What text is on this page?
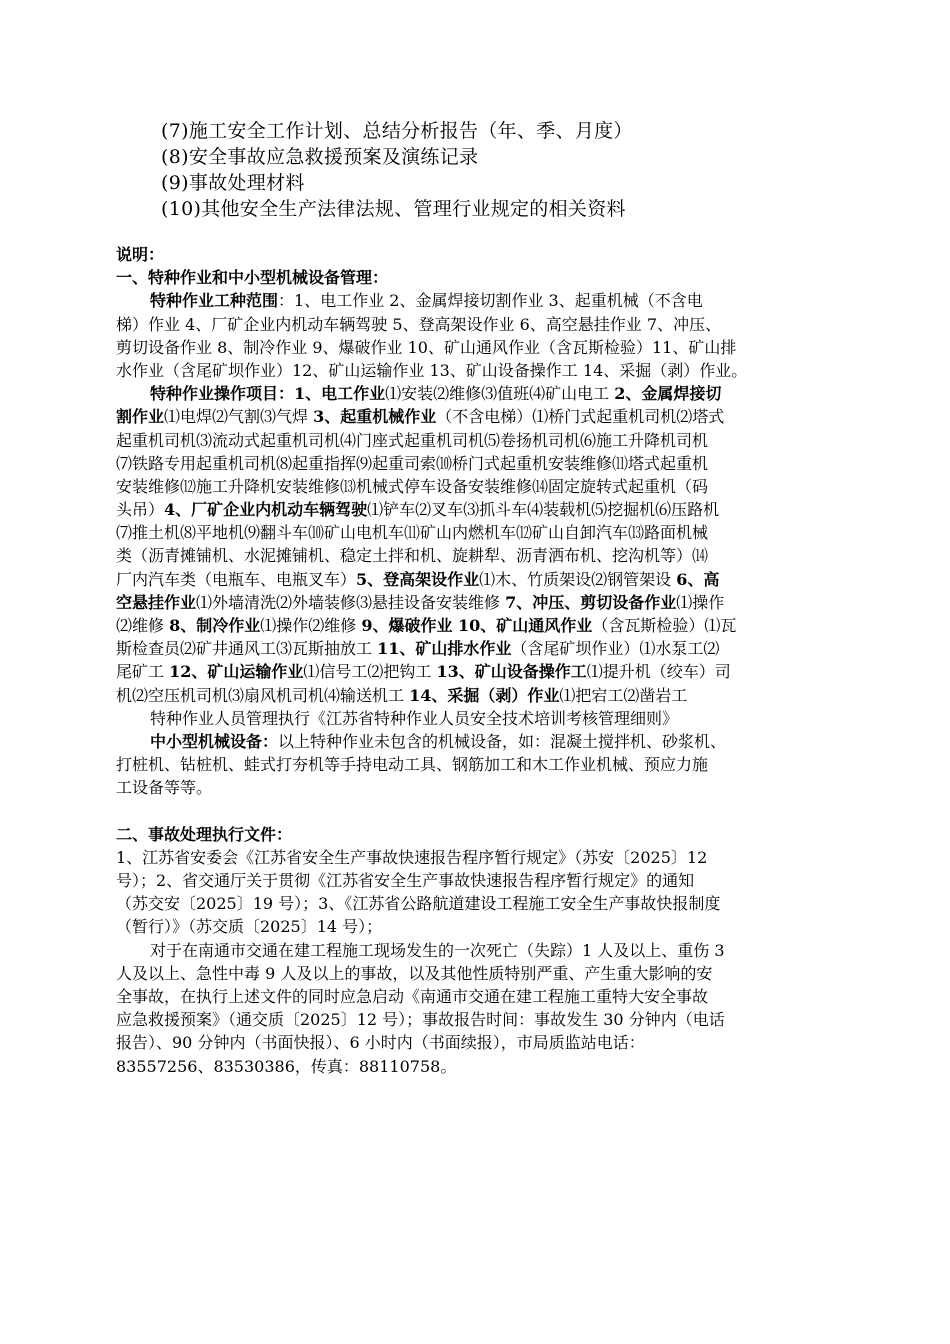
(7)施工安全工作计划、总结分析报告（年、季、月度）
(8)安全事故应急救援预案及演练记录
(9)事故处理材料
(10)其他安全生产法律法规、管理行业规定的相关资料
说明：
一、特种作业和中小型机械设备管理：
特种作业工种范围：1、电工作业 2、金属焊接切割作业 3、起重机械（不含电
梯）作业 4、厂矿企业内机动车辆驾驶 5、登高架设作业 6、高空悬挂作业 7、冲压、
剪切设备作业 8、制冷作业 9、爆破作业 10、矿山通风作业（含瓦斯检验）11、矿山排
水作业（含尾矿坝作业）12、矿山运输作业 13、矿山设备操作工 14、采掘（剥）作业。
特种作业操作项目：1、电工作业⑴安装⑵维修⑶值班⑷矿山电工 2、金属焊接切
割作业⑴电焊⑵气割⑶气焊 3、起重机械作业（不含电梯）⑴桥门式起重机司机⑵塔式
起重机司机⑶流动式起重机司机⑷门座式起重机司机⑸卷扬机司机⑹施工升降机司机
⑺铁路专用起重机司机⑻起重指挥⑼起重司索⑽桥门式起重机安装维修⑾塔式起重机
安装维修⑿施工升降机安装维修⒀机械式停车设备安装维修⒁固定旋转式起重机（码
头吊）4、厂矿企业内机动车辆驾驶⑴铲车⑵叉车⑶抓斗车⑷装载机⑸挖掘机⑹压路机
⑺推土机⑻平地机⑼翻斗车⑽矿山电机车⑾矿山内燃机车⑿矿山自卸汽车⒀路面机械
类（沥青摊铺机、水泥摊铺机、稳定土拌和机、旋耕犁、沥青洒布机、挖沟机等）⒁
厂内汽车类（电瓶车、电瓶叉车）5、登高架设作业⑴木、竹质架设⑵钢管架设 6、高
空悬挂作业⑴外墙清洗⑵外墙装修⑶悬挂设备安装维修 7、冲压、剪切设备作业⑴操作
⑵维修 8、制冷作业⑴操作⑵维修 9、爆破作业 10、矿山通风作业（含瓦斯检验）⑴瓦
斯检查员⑵矿井通风工⑶瓦斯抽放工 11、矿山排水作业（含尾矿坝作业）⑴水泵工⑵
尾矿工 12、矿山运输作业⑴信号工⑵把钩工 13、矿山设备操作工⑴提升机（绞车）司
机⑵空压机司机⑶扇风机司机⑷输送机工 14、采掘（剥）作业⑴把宕工⑵凿岩工
特种作业人员管理执行《江苏省特种作业人员安全技术培训考核管理细则》
中小型机械设备：以上特种作业未包含的机械设备，如：混凝土搅拌机、砂浆机、
打桩机、钻桩机、蛙式打夯机等手持电动工具、钢筋加工和木工作业机械、预应力施
工设备等等。
二、事故处理执行文件：
1、江苏省安委会《江苏省安全生产事故快速报告程序暂行规定》（苏安〔2025〕12
号）；2、省交通厅关于贯彻《江苏省安全生产事故快速报告程序暂行规定》的通知
（苏交安〔2025〕19 号）；3、《江苏省公路航道建设工程施工安全生产事故快报制度
（暂行）》（苏交质〔2025〕14 号）；
对于在南通市交通在建工程施工现场发生的一次死亡（失踪）1 人及以上、重伤 3
人及以上、急性中毒 9 人及以上的事故，以及其他性质特别严重、产生重大影响的安
全事故，在执行上述文件的同时应急启动《南通市交通在建工程施工重特大安全事故
应急救援预案》（通交质〔2025〕12 号）；事故报告时间：事故发生 30 分钟内（电话
报告）、90 分钟内（书面快报）、6 小时内（书面续报），市局质监站电话：
83557256、83530386，传真：88110758。
